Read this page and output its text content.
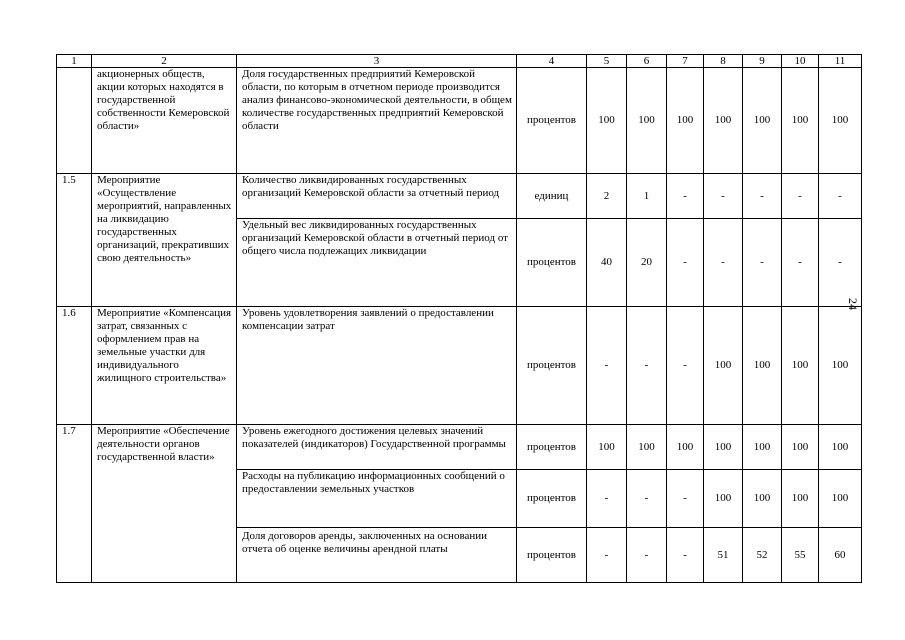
1	2	3	4	5	6	7	8	9	10	11
	акционерных обществ, акции которых находятся в государственной собственности Кемеровской области»	Доля государственных предприятий Кемеровской области, по которым в отчетном периоде производится анализ финансово-экономической деятельности, в общем количестве государственных предприятий Кемеровской области	процентов	100	100	100	100	100	100	100
1.5	Мероприятие «Осуществление мероприятий, направленных на ликвидацию государственных организаций, прекративших свою деятельность»	Количество ликвидированных государственных организаций Кемеровской области за отчетный период	единиц	2	1	-	-	-	-	-
		Удельный вес ликвидированных государственных организаций Кемеровской области в отчетный период от общего числа подлежащих ликвидации	процентов	40	20	-	-	-	-	-
1.6	Мероприятие «Компенсация затрат, связанных с оформлением прав на земельные участки для индивидуального жилищного строительства»	Уровень удовлетворения заявлений о предоставлении компенсации затрат	процентов	-	-	-	100	100	100	100
1.7	Мероприятие «Обеспечение деятельности органов государственной власти»	Уровень ежегодного достижения целевых значений показателей (индикаторов) Государственной программы	процентов	100	100	100	100	100	100	100
		Расходы на публикацию информационных сообщений о предоставлении земельных участков	процентов	-	-	-	100	100	100	100
		Доля договоров аренды, заключенных на основании отчета об оценке величины арендной платы	процентов	-	-	-	51	52	55	60
24
